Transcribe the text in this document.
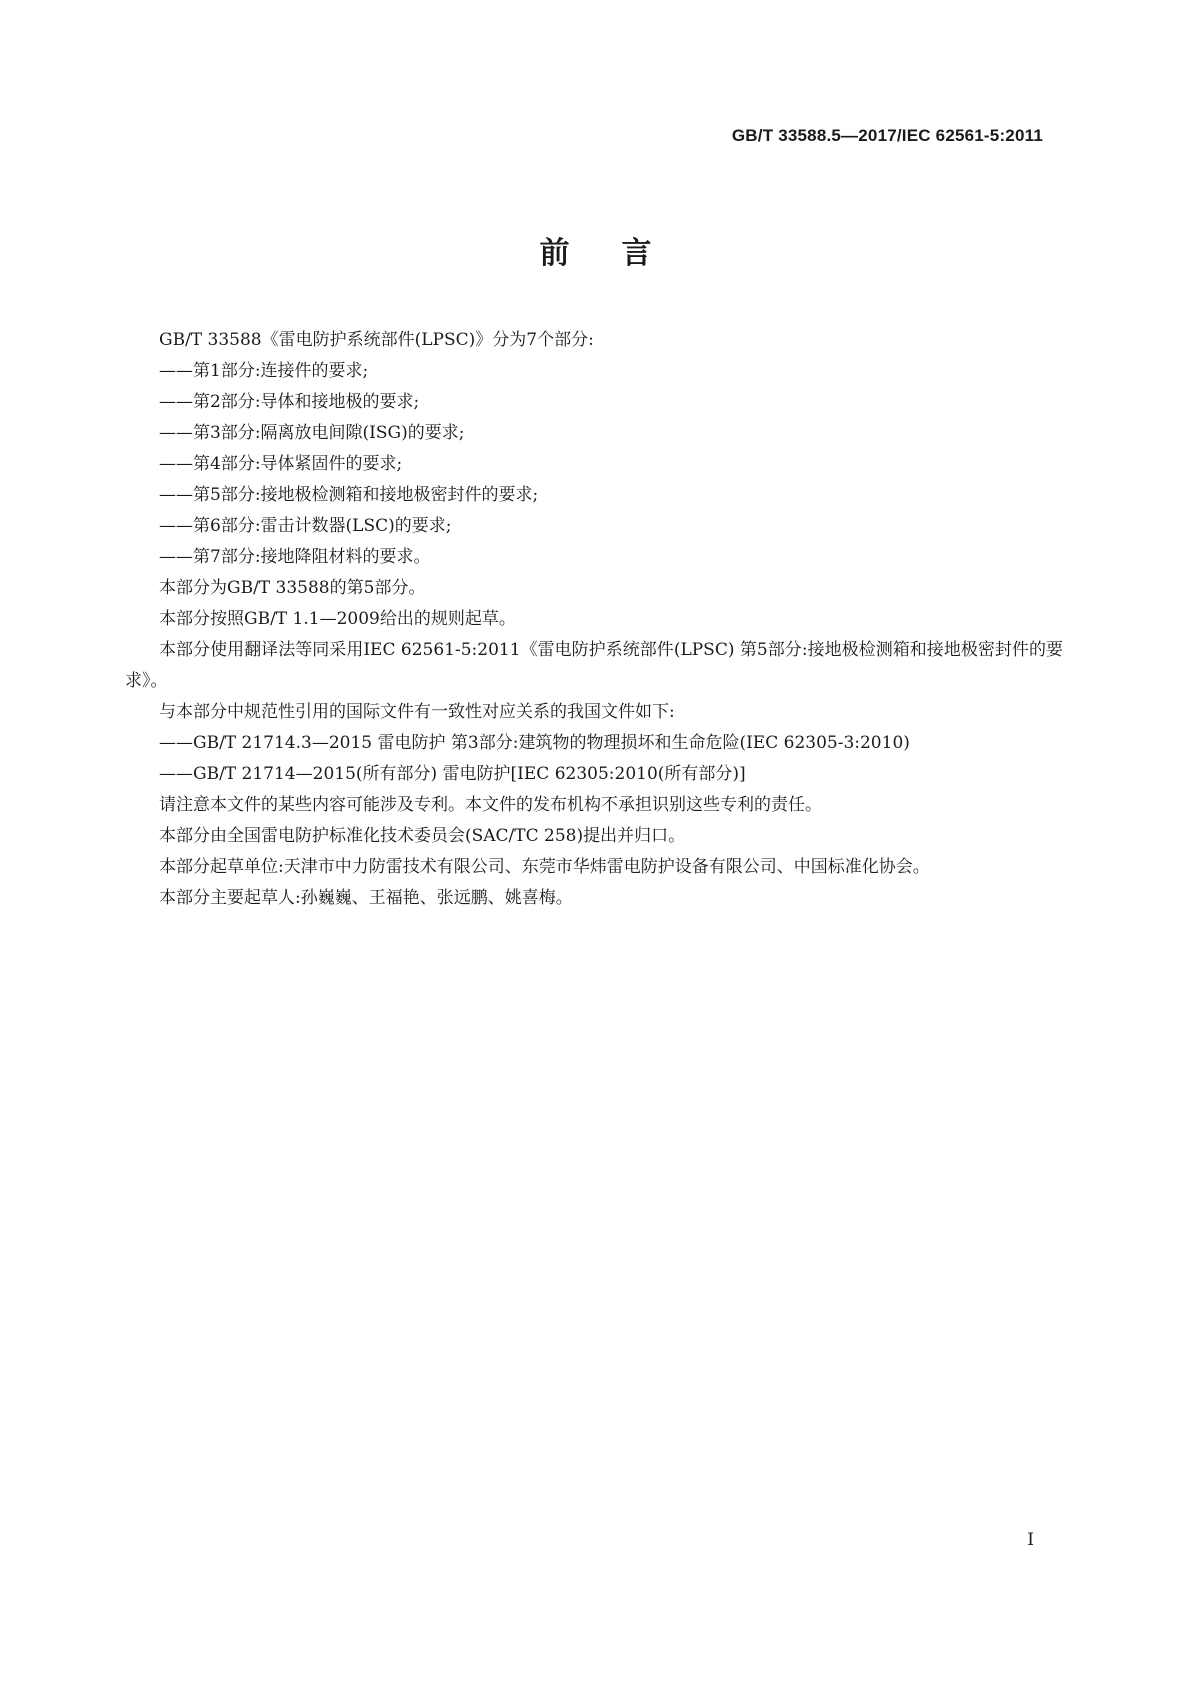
GB/T 33588.5—2017/IEC 62561-5:2011
前言

GB/T 33588《雷电防护系统部件(LPSC)》分为7个部分:

——第1部分:连接件的要求;

——第2部分:导体和接地极的要求;

——第3部分:隔离放电间隙(ISG)的要求;

——第4部分:导体紧固件的要求;

——第5部分:接地极检测箱和接地极密封件的要求;

——第6部分:雷击计数器(LSC)的要求;

——第7部分:接地降阻材料的要求。

本部分为GB/T 33588的第5部分。

本部分按照GB/T 1.1—2009给出的规则起草。

本部分使用翻译法等同采用IEC 62561-5:2011《雷电防护系统部件(LPSC) 第5部分:接地极检测箱和接地极密封件的要求》。

与本部分中规范性引用的国际文件有一致性对应关系的我国文件如下:

——GB/T 21714.3—2015 雷电防护 第3部分:建筑物的物理损坏和生命危险(IEC 62305-3:2010)

——GB/T 21714—2015(所有部分) 雷电防护[IEC 62305:2010(所有部分)]

请注意本文件的某些内容可能涉及专利。本文件的发布机构不承担识别这些专利的责任。

本部分由全国雷电防护标准化技术委员会(SAC/TC 258)提出并归口。

本部分起草单位:天津市中力防雷技术有限公司、东莞市华炜雷电防护设备有限公司、中国标准化协会。

本部分主要起草人:孙巍巍、王福艳、张远鹏、姚喜梅。

I
